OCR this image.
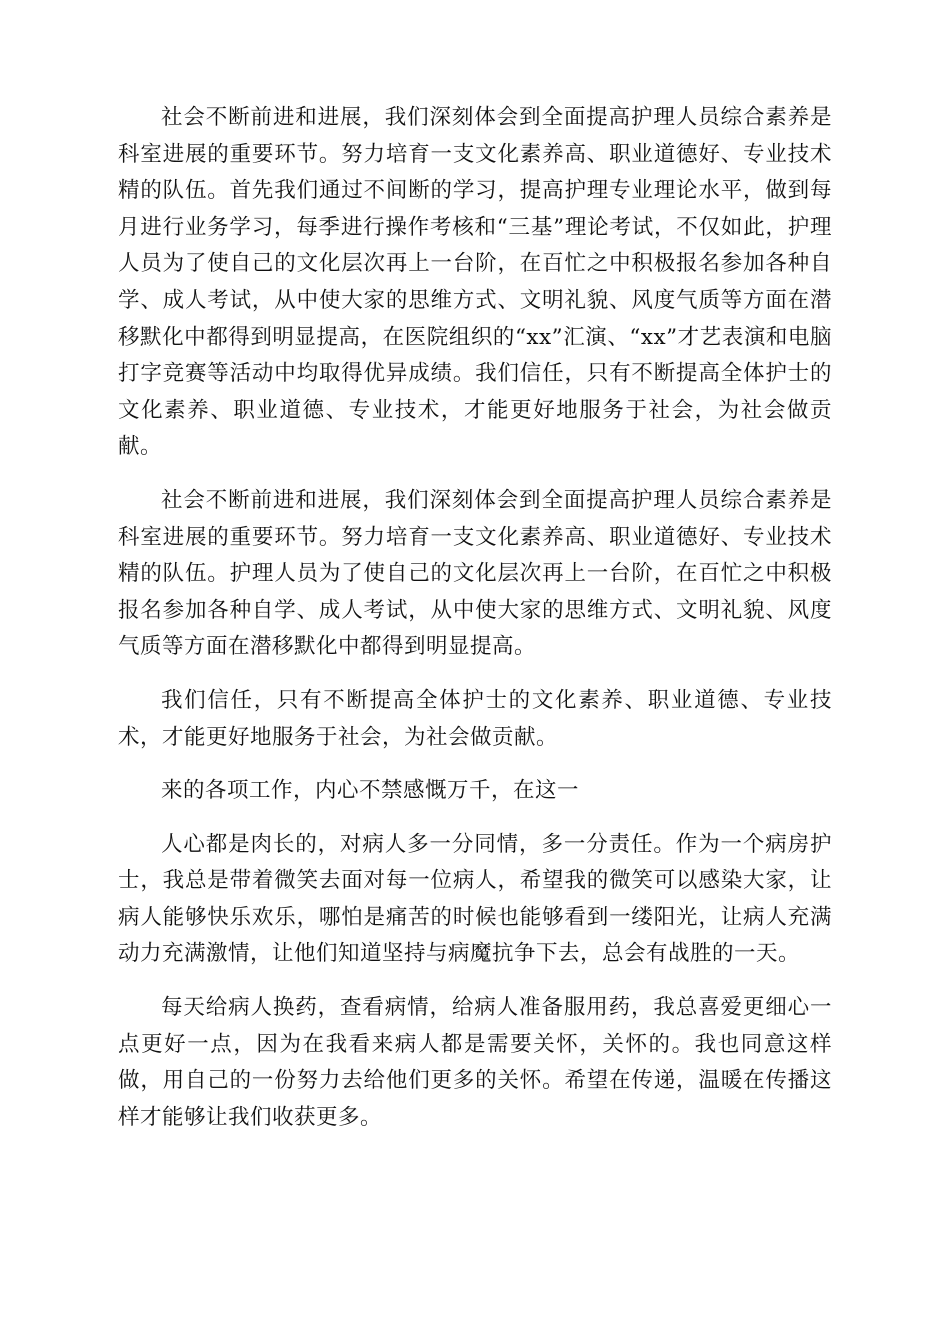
社会不断前进和进展，我们深刻体会到全面提高护理人员综合素养是科室进展的重要环节。努力培育一支文化素养高、职业道德好、专业技术精的队伍。首先我们通过不间断的学习，提高护理专业理论水平，做到每月进行业务学习，每季进行操作考核和“三基”理论考试，不仅如此，护理人员为了使自己的文化层次再上一台阶，在百忙之中积极报名参加各种自学、成人考试，从中使大家的思维方式、文明礼貌、风度气质等方面在潜移默化中都得到明显提高，在医院组织的“xx”汇演、“xx”才艺表演和电脑打字竞赛等活动中均取得优异成绩。我们信任，只有不断提高全体护士的文化素养、职业道德、专业技术，才能更好地服务于社会，为社会做贡献。

社会不断前进和进展，我们深刻体会到全面提高护理人员综合素养是科室进展的重要环节。努力培育一支文化素养高、职业道德好、专业技术精的队伍。护理人员为了使自己的文化层次再上一台阶，在百忙之中积极报名参加各种自学、成人考试，从中使大家的思维方式、文明礼貌、风度气质等方面在潜移默化中都得到明显提高。

我们信任，只有不断提高全体护士的文化素养、职业道德、专业技术，才能更好地服务于社会，为社会做贡献。

来的各项工作，内心不禁感慨万千，在这一

人心都是肉长的，对病人多一分同情，多一分责任。作为一个病房护士，我总是带着微笑去面对每一位病人，希望我的微笑可以感染大家，让病人能够快乐欢乐，哪怕是痛苦的时候也能够看到一缕阳光，让病人充满动力充满激情，让他们知道坚持与病魔抗争下去，总会有战胜的一天。

每天给病人换药，查看病情，给病人准备服用药，我总喜爱更细心一点更好一点，因为在我看来病人都是需要关怀，关怀的。我也同意这样做，用自己的一份努力去给他们更多的关怀。希望在传递，温暖在传播这样才能够让我们收获更多。
